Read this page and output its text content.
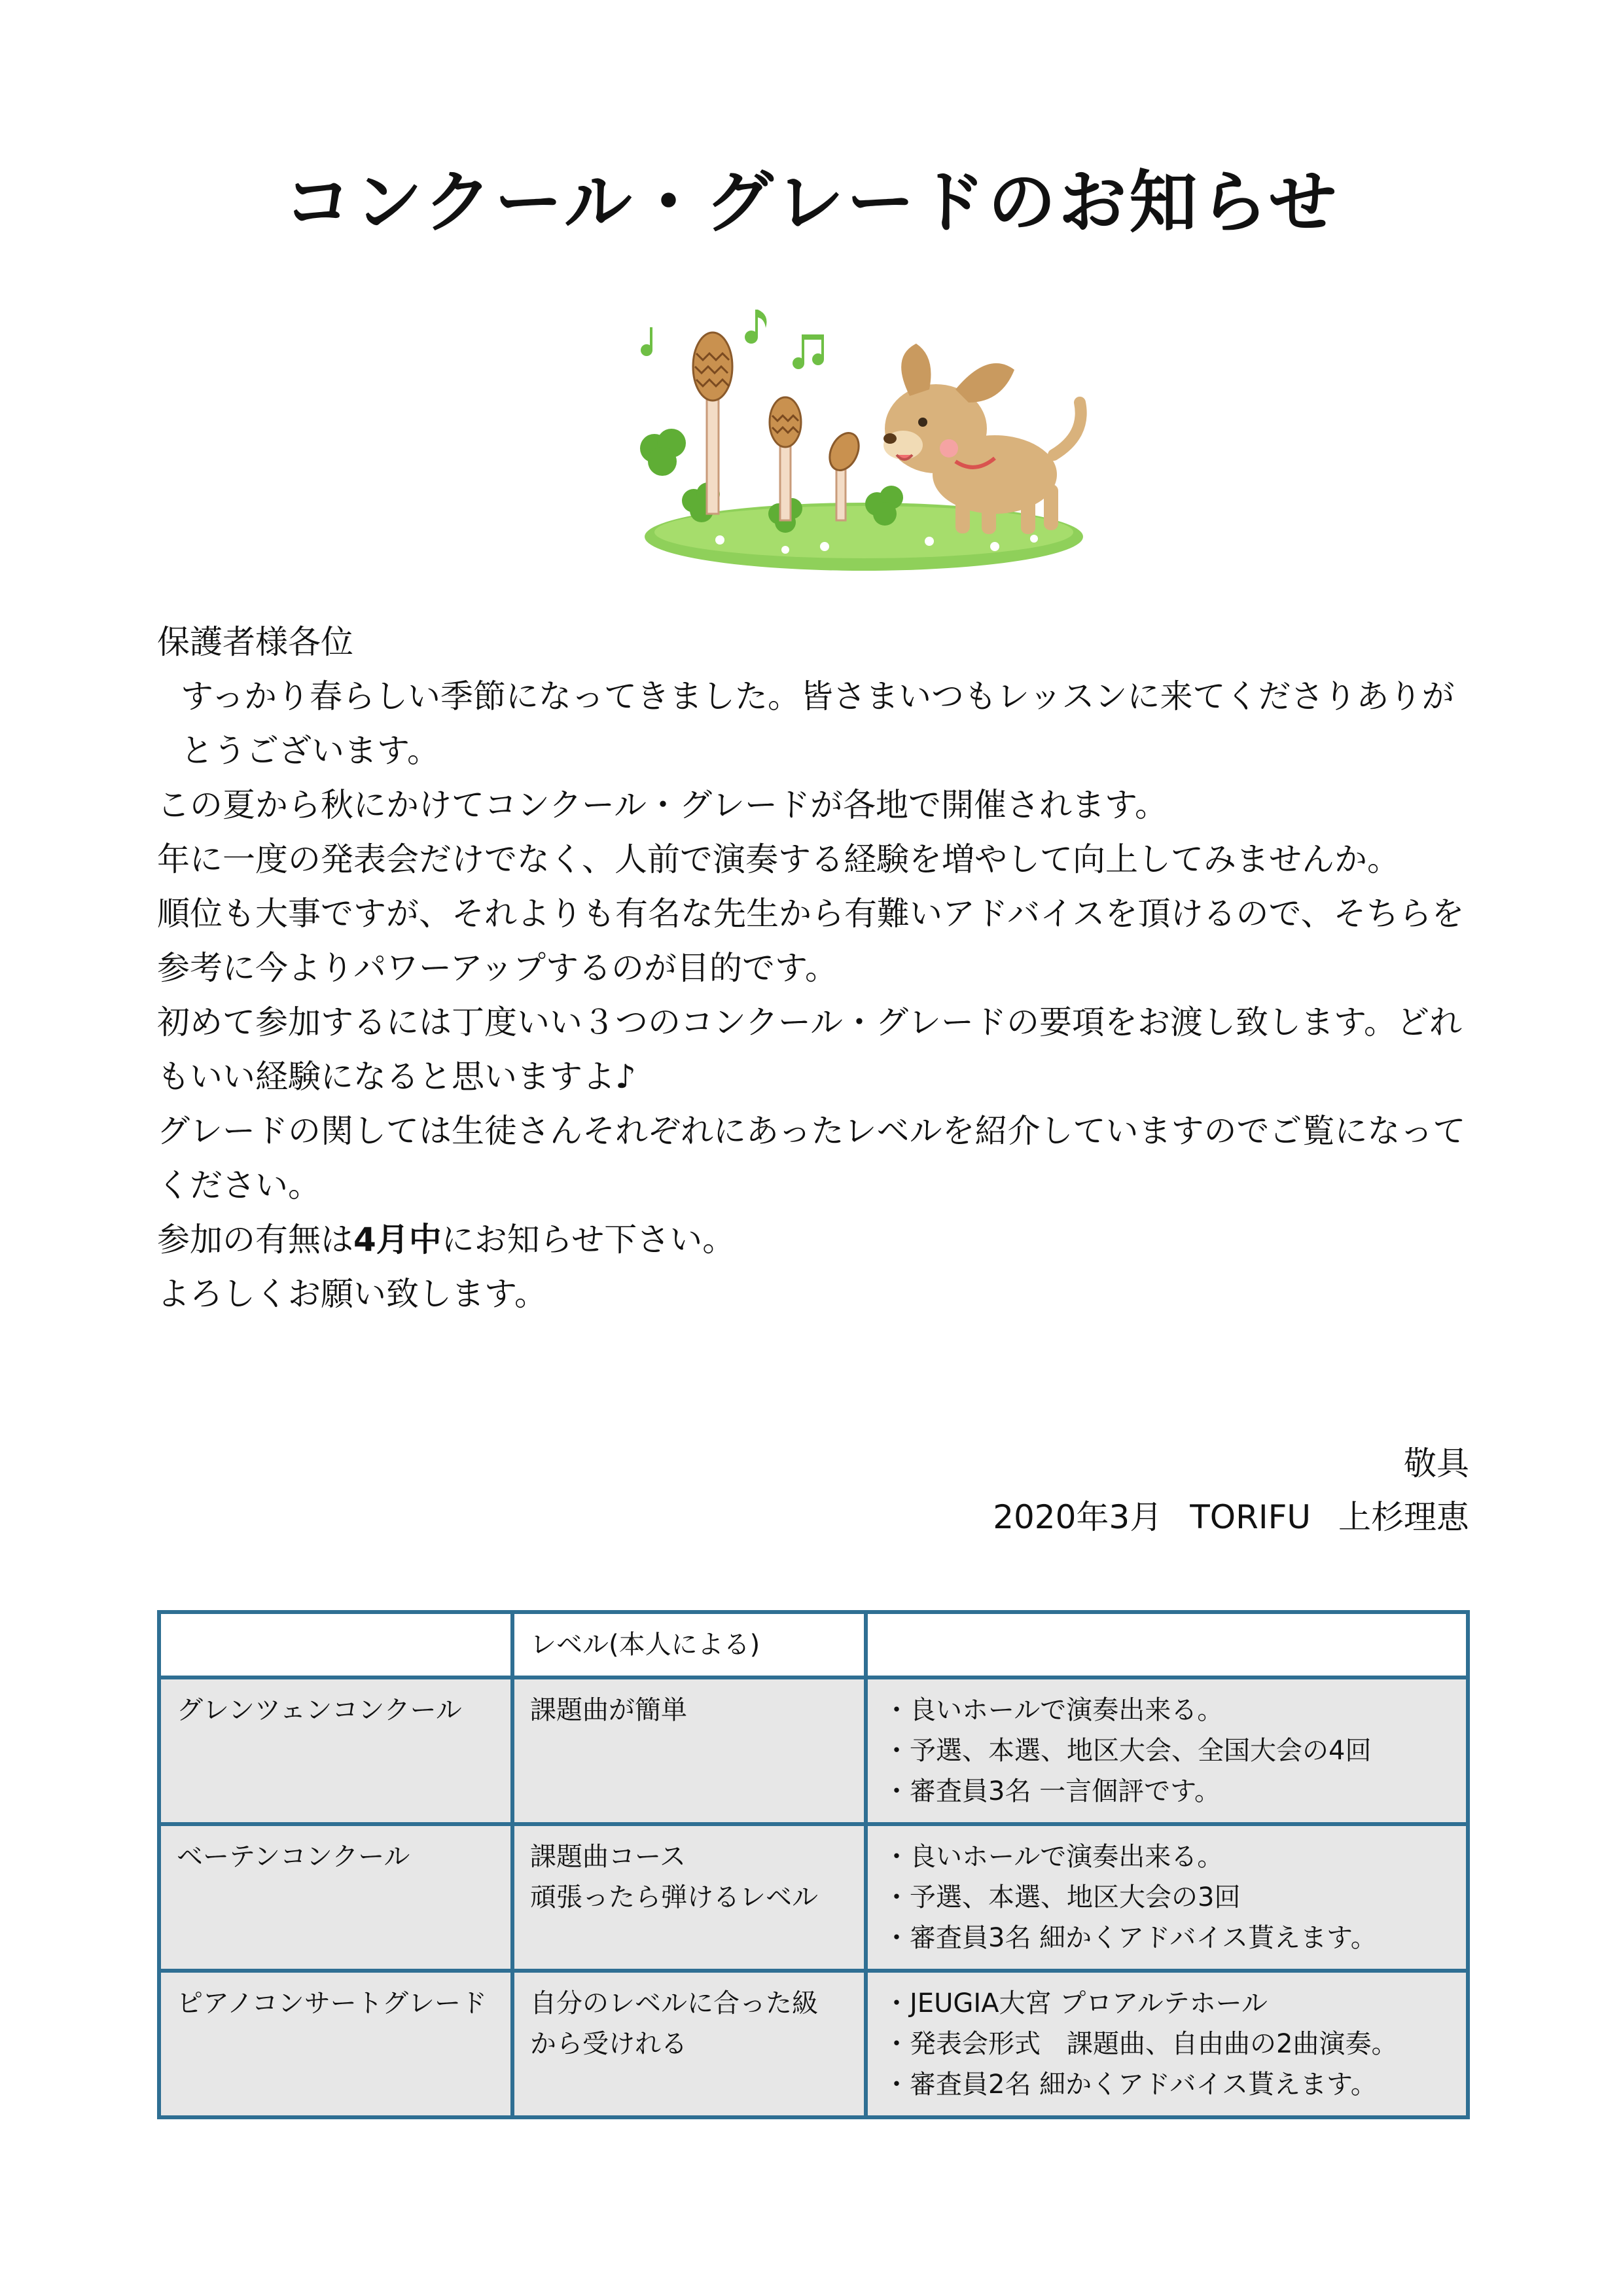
コンクール・グレードのお知らせ

保護者様各位

すっかり春らしい季節になってきました。皆さまいつもレッスンに来てくださりありがとうございます。

この夏から秋にかけてコンクール・グレードが各地で開催されます。

年に一度の発表会だけでなく、人前で演奏する経験を増やして向上してみませんか。

順位も大事ですが、それよりも有名な先生から有難いアドバイスを頂けるので、そちらを参考に今よりパワーアップするのが目的です。

初めて参加するには丁度いい３つのコンクール・グレードの要項をお渡し致します。どれもいい経験になると思いますよ♪

グレードの関しては生徒さんそれぞれにあったレベルを紹介していますのでご覧になってください。

参加の有無は4月中にお知らせ下さい。

よろしくお願い致します。

敬具

2020年3月 TORIFU 上杉理恵

	レベル(本人による)	
グレンツェンコンクール	課題曲が簡単	・良いホールで演奏出来る。
・予選、本選、地区大会、全国大会の4回
・審査員3名 一言個評です。

ベーテンコンクール	課題曲コース
頑張ったら弾けるレベル	・良いホールで演奏出来る。
・予選、本選、地区大会の3回
・審査員3名 細かくアドバイス貰えます。

ピアノコンサートグレード	自分のレベルに合った級
から受けれる	・JEUGIA大宮 プロアルテホール
・発表会形式　課題曲、自由曲の2曲演奏。
・審査員2名 細かくアドバイス貰えます。
